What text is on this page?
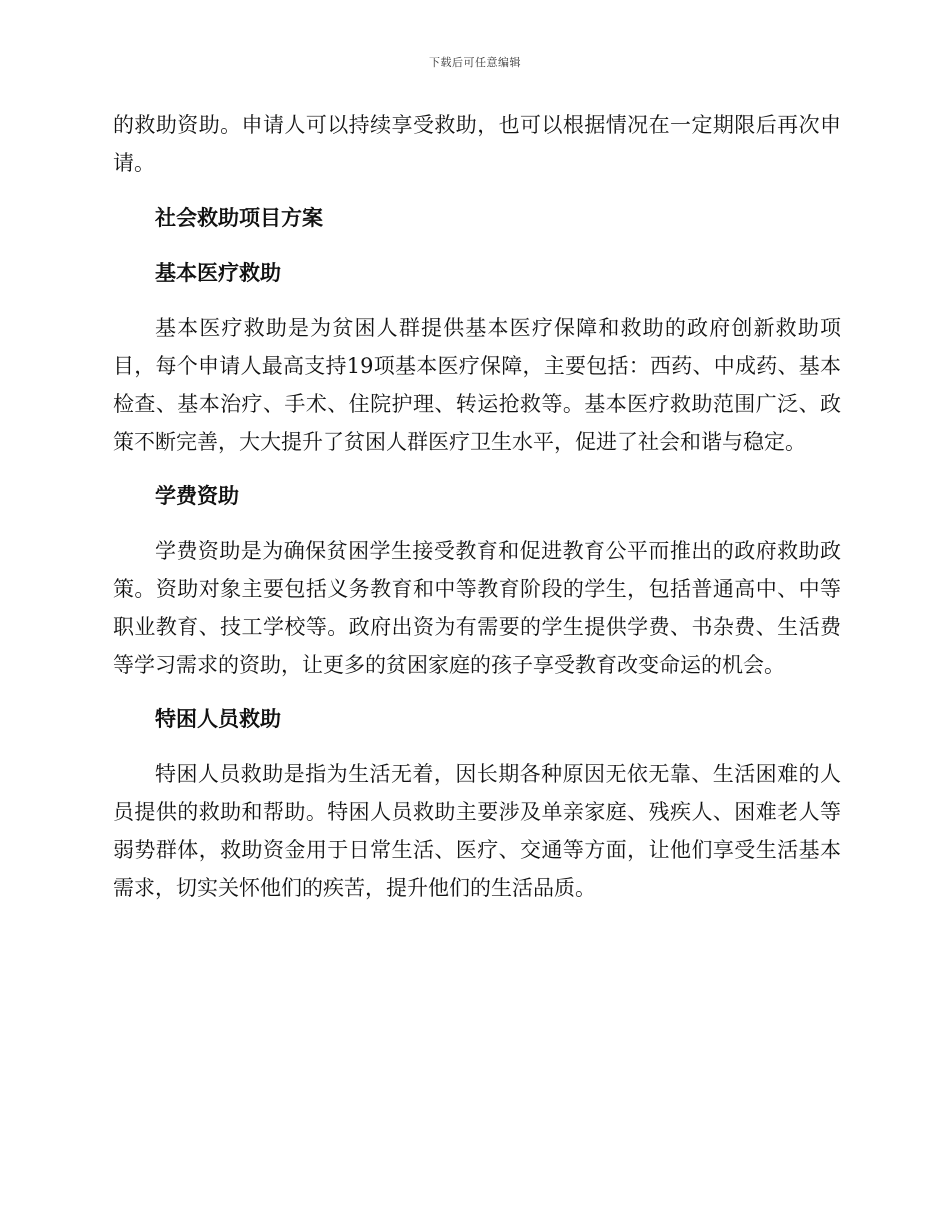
下载后可任意编辑

的救助资助。申请人可以持续享受救助，也可以根据情况在一定期限后再次申请。

社会救助项目方案
基本医疗救助

基本医疗救助是为贫困人群提供基本医疗保障和救助的政府创新救助项目，每个申请人最高支持19项基本医疗保障，主要包括：西药、中成药、基本检查、基本治疗、手术、住院护理、转运抢救等。基本医疗救助范围广泛、政策不断完善，大大提升了贫困人群医疗卫生水平，促进了社会和谐与稳定。

学费资助

学费资助是为确保贫困学生接受教育和促进教育公平而推出的政府救助政策。资助对象主要包括义务教育和中等教育阶段的学生，包括普通高中、中等职业教育、技工学校等。政府出资为有需要的学生提供学费、书杂费、生活费等学习需求的资助，让更多的贫困家庭的孩子享受教育改变命运的机会。

特困人员救助

特困人员救助是指为生活无着，因长期各种原因无依无靠、生活困难的人员提供的救助和帮助。特困人员救助主要涉及单亲家庭、残疾人、困难老人等弱势群体，救助资金用于日常生活、医疗、交通等方面，让他们享受生活基本需求，切实关怀他们的疾苦，提升他们的生活品质。
